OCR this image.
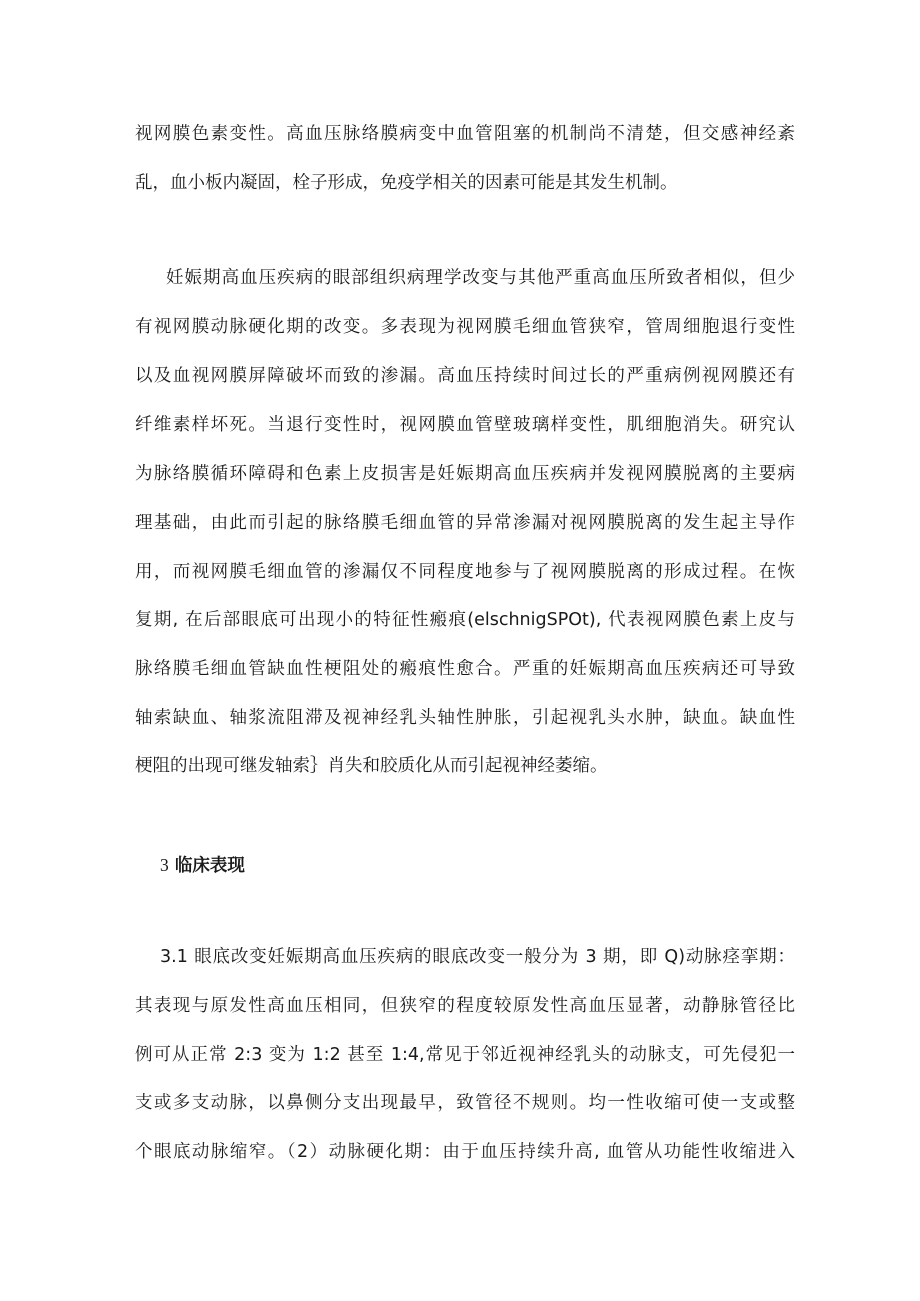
视网膜色素变性。高血压脉络膜病变中血管阻塞的机制尚不清楚，但交感神经紊
乱，血小板内凝固，栓子形成，免疫学相关的因素可能是其发生机制。
妊娠期高血压疾病的眼部组织病理学改变与其他严重高血压所致者相似，但少
有视网膜动脉硬化期的改变。多表现为视网膜毛细血管狭窄，管周细胞退行变性
以及血视网膜屏障破坏而致的渗漏。高血压持续时间过长的严重病例视网膜还有
纤维素样坏死。当退行变性时，视网膜血管壁玻璃样变性，肌细胞消失。研究认
为脉络膜循环障碍和色素上皮损害是妊娠期高血压疾病并发视网膜脱离的主要病
理基础，由此而引起的脉络膜毛细血管的异常渗漏对视网膜脱离的发生起主导作
用，而视网膜毛细血管的渗漏仅不同程度地参与了视网膜脱离的形成过程。在恢
复期, 在后部眼底可出现小的特征性瘢痕(elschnigSPOt), 代表视网膜色素上皮与
脉络膜毛细血管缺血性梗阻处的瘢痕性愈合。严重的妊娠期高血压疾病还可导致
轴索缺血、轴浆流阻滞及视神经乳头轴性肿胀，引起视乳头水肿，缺血。缺血性
梗阻的出现可继发轴索｝肖失和胶质化从而引起视神经萎缩。
3 临床表现
3.1 眼底改变妊娠期高血压疾病的眼底改变一般分为 3 期，即 Q)动脉痉挛期：
其表现与原发性高血压相同，但狭窄的程度较原发性高血压显著，动静脉管径比
例可从正常 2:3 变为 1:2 甚至 1:4,常见于邻近视神经乳头的动脉支，可先侵犯一
支或多支动脉，以鼻侧分支出现最早，致管径不规则。均一性收缩可使一支或整
个眼底动脉缩窄。（2）动脉硬化期：由于血压持续升高, 血管从功能性收缩进入
